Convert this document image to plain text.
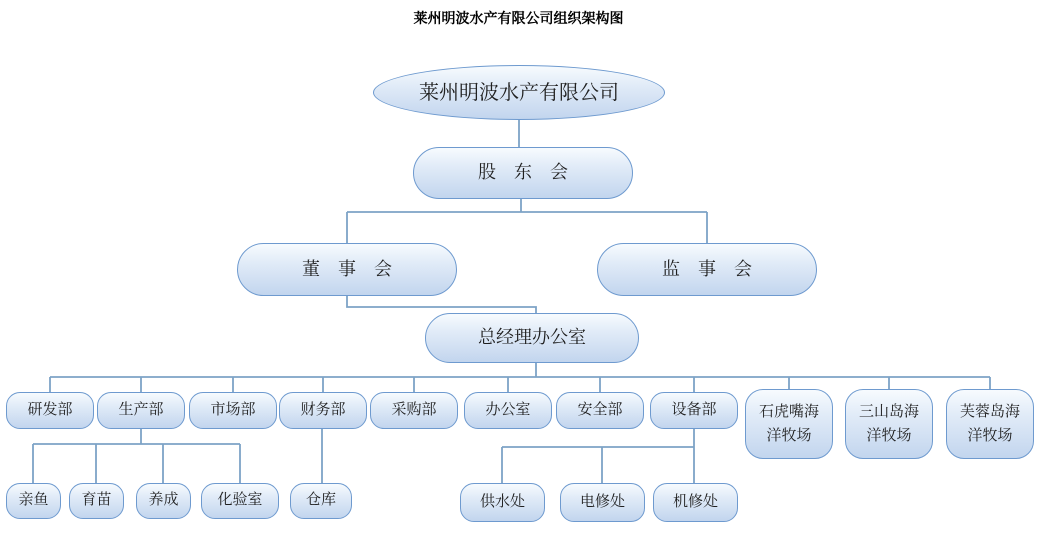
莱州明波水产有限公司组织架构图
莱州明波水产有限公司
股　东　会
董　事　会	监　事　会
总经理办公室
研发部	生产部	市场部	财务部	采购部	办公室	安全部	设备部	石虎嘴海洋牧场
三山岛海洋牧场
芙蓉岛海洋牧场
亲鱼	育苗	养成	化验室	仓库	供水处	电修处	机修处
